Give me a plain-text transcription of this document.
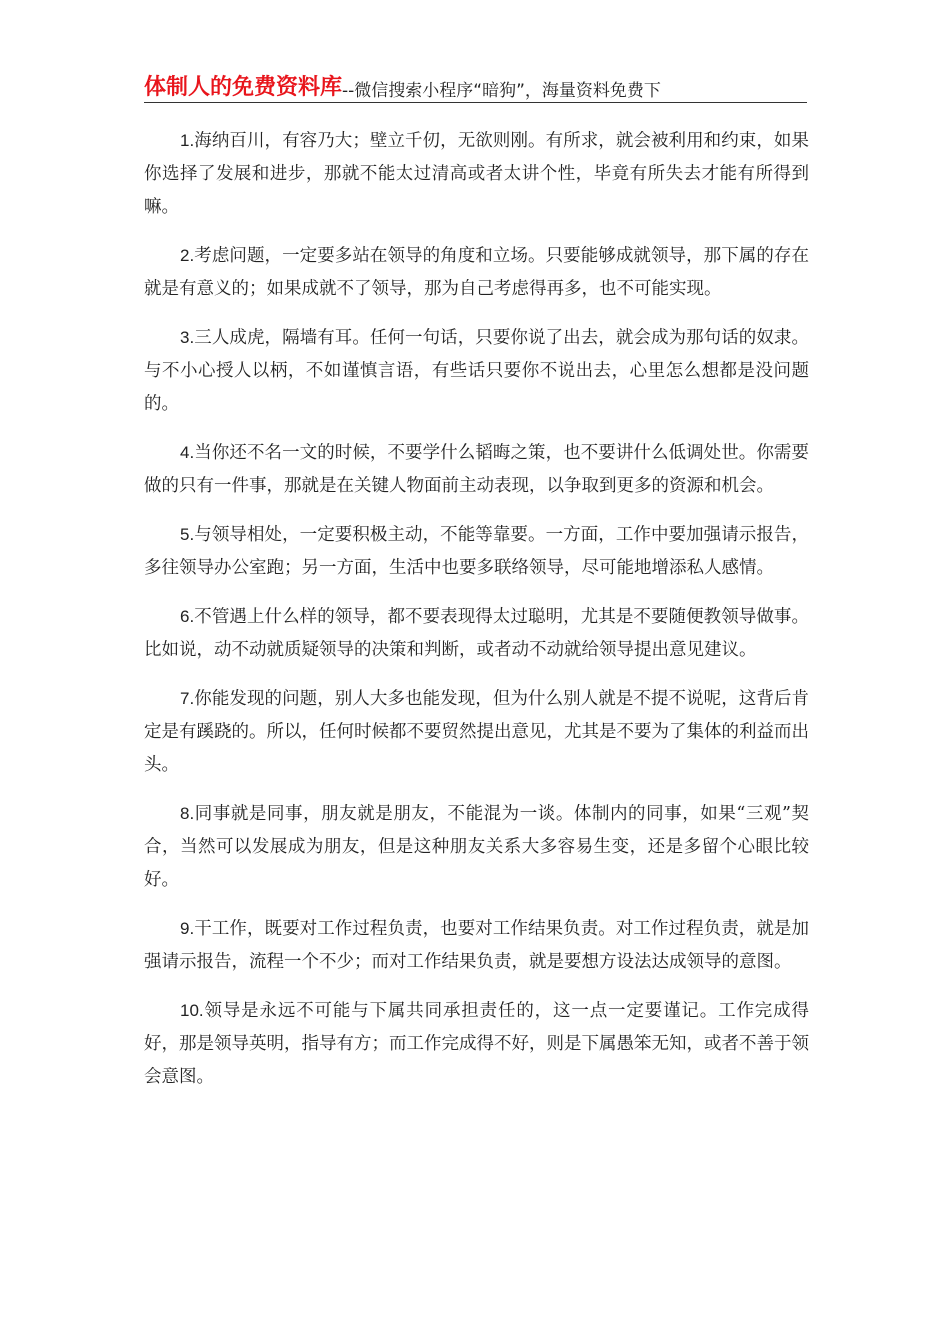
体制人的免费资料库--微信搜索小程序“暗狗”，海量资料免费下

1.海纳百川，有容乃大；壁立千仞，无欲则刚。有所求，就会被利用和约束，如果你选择了发展和进步，那就不能太过清高或者太讲个性，毕竟有所失去才能有所得到嘛。

2.考虑问题，一定要多站在领导的角度和立场。只要能够成就领导，那下属的存在就是有意义的；如果成就不了领导，那为自己考虑得再多，也不可能实现。

3.三人成虎，隔墙有耳。任何一句话，只要你说了出去，就会成为那句话的奴隶。与不小心授人以柄，不如谨慎言语，有些话只要你不说出去，心里怎么想都是没问题的。

4.当你还不名一文的时候，不要学什么韬晦之策，也不要讲什么低调处世。你需要做的只有一件事，那就是在关键人物面前主动表现，以争取到更多的资源和机会。

5.与领导相处，一定要积极主动，不能等靠要。一方面，工作中要加强请示报告，多往领导办公室跑；另一方面，生活中也要多联络领导，尽可能地增添私人感情。

6.不管遇上什么样的领导，都不要表现得太过聪明，尤其是不要随便教领导做事。比如说，动不动就质疑领导的决策和判断，或者动不动就给领导提出意见建议。

7.你能发现的问题，别人大多也能发现，但为什么别人就是不提不说呢，这背后肯定是有蹊跷的。所以，任何时候都不要贸然提出意见，尤其是不要为了集体的利益而出头。

8.同事就是同事，朋友就是朋友，不能混为一谈。体制内的同事，如果“三观”契合，当然可以发展成为朋友，但是这种朋友关系大多容易生变，还是多留个心眼比较好。

9.干工作，既要对工作过程负责，也要对工作结果负责。对工作过程负责，就是加强请示报告，流程一个不少；而对工作结果负责，就是要想方设法达成领导的意图。

10.领导是永远不可能与下属共同承担责任的，这一点一定要谨记。工作完成得好，那是领导英明，指导有方；而工作完成得不好，则是下属愚笨无知，或者不善于领会意图。
